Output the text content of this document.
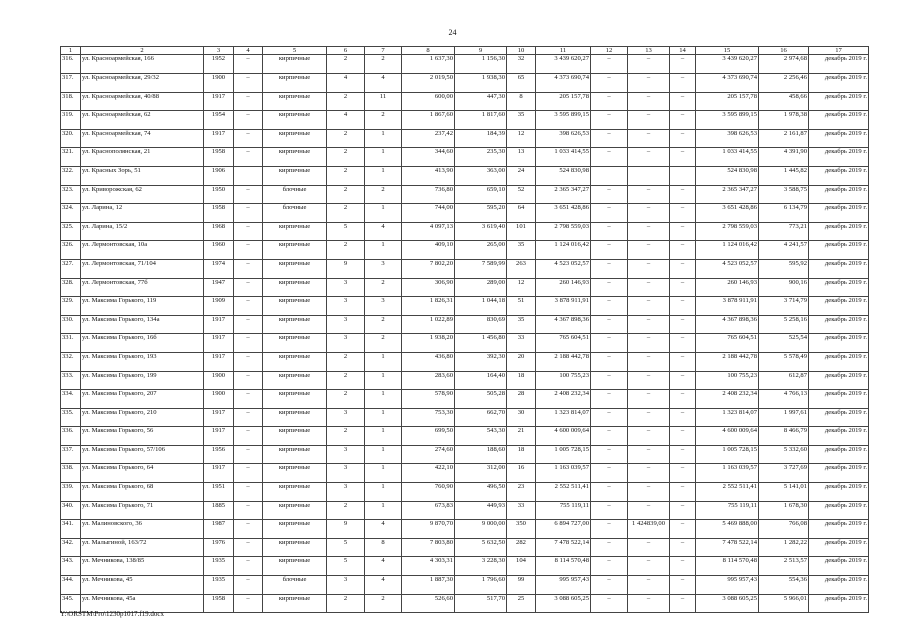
24
1	2	3	4	5	6	7	8	9	10	11	12	13	14	15	16	17
316.	ул. Красноармейская, 166	1952	–	кирпичные	2	2	1 637,30	1 156,30	32	3 439 620,27	–	–	–	3 439 620,27	2 974,68	декабрь 2019 г.
317.	ул. Красноармейская, 29/32	1900	–	кирпичные	4	4	2 019,50	1 938,30	65	4 373 690,74	–	–	–	4 373 690,74	2 256,46	декабрь 2019 г.
318.	ул. Красноармейская, 40/88	1917	–	кирпичные	2	11	600,00	447,30	8	205 157,78	–	–	–	205 157,78	458,66	декабрь 2019 г.
319.	ул. Красноармейская, 62	1954	–	кирпичные	4	2	1 867,60	1 817,60	35	3 595 899,15	–	–	–	3 595 899,15	1 978,38	декабрь 2019 г.
320.	ул. Красноармейская, 74	1917	–	кирпичные	2	1	237,42	184,39	12	398 626,53	–	–	–	398 626,53	2 161,87	декабрь 2019 г.
321.	ул. Краснополянская, 21	1958	–	кирпичные	2	1	344,60	235,30	13	1 033 414,55	–	–	–	1 033 414,55	4 391,90	декабрь 2019 г.
322.	ул. Красных Зорь, 51	1906		кирпичные	2	1	413,90	363,00	24	524 830,98				524 830,98	1 445,82	декабрь 2019 г.
323.	ул. Криворожская, 62	1950	–	блочные	2	2	736,80	659,10	52	2 365 347,27	–	–	–	2 365 347,27	3 588,75	декабрь 2019 г.
324.	ул. Ларина, 12	1958	–	блочные	2	1	744,00	595,20	64	3 651 428,86	–	–	–	3 651 428,86	6 134,79	декабрь 2019 г.
325.	ул. Ларина, 15/2	1968	–	кирпичные	5	4	4 097,13	3 619,40	101	2 798 559,03	–	–	–	2 798 559,03	773,21	декабрь 2019 г.
326.	ул. Лермонтовская, 10а	1960	–	кирпичные	2	1	409,10	265,00	35	1 124 016,42	–	–	–	1 124 016,42	4 241,57	декабрь 2019 г.
327.	ул. Лермонтовская, 71/104	1974	–	кирпичные	9	3	7 802,20	7 589,99	263	4 523 052,57	–	–	–	4 523 052,57	595,92	декабрь 2019 г.
328.	ул. Лермонтовская, 77б	1947	–	кирпичные	3	2	306,90	289,00	12	260 146,93	–	–	–	260 146,93	900,16	декабрь 2019 г.
329.	ул. Максима Горького, 119	1909	–	кирпичные	3	3	1 826,31	1 044,18	51	3 878 911,91	–	–	–	3 878 911,91	3 714,79	декабрь 2019 г.
330.	ул. Максима Горького, 134а	1917	–	кирпичные	3	2	1 022,89	830,69	35	4 367 898,36	–	–	–	4 367 898,36	5 258,16	декабрь 2019 г.
331.	ул. Максима Горького, 16б	1917	–	кирпичные	3	2	1 938,20	1 456,80	33	765 604,51	–	–	–	765 604,51	525,54	декабрь 2019 г.
332.	ул. Максима Горького, 193	1917	–	кирпичные	2	1	436,80	392,30	20	2 188 442,78	–	–	–	2 188 442,78	5 578,49	декабрь 2019 г.
333.	ул. Максима Горького, 199	1900	–	кирпичные	2	1	283,60	164,40	18	100 755,23	–	–	–	100 755,23	612,87	декабрь 2019 г.
334.	ул. Максима Горького, 207	1900	–	кирпичные	2	1	578,90	505,28	28	2 408 232,34	–	–	–	2 408 232,34	4 766,13	декабрь 2019 г.
335.	ул. Максима Горького, 210	1917	–	кирпичные	3	1	753,30	662,70	30	1 323 814,07	–	–	–	1 323 814,07	1 997,61	декабрь 2019 г.
336.	ул. Максима Горького, 56	1917	–	кирпичные	2	1	699,50	543,30	21	4 600 009,64	–	–	–	4 600 009,64	8 466,79	декабрь 2019 г.
337.	ул. Максима Горького, 57/106	1956	–	кирпичные	3	1	274,60	188,60	18	1 005 728,15	–	–	–	1 005 728,15	5 332,60	декабрь 2019 г.
338.	ул. Максима Горького, 64	1917	–	кирпичные	3	1	422,10	312,00	16	1 163 039,57	–	–	–	1 163 039,57	3 727,69	декабрь 2019 г.
339.	ул. Максима Горького, 68	1951	–	кирпичные	3	1	760,90	496,50	23	2 552 511,41	–	–	–	2 552 511,41	5 141,01	декабрь 2019 г.
340.	ул. Максима Горького, 71	1885	–	кирпичные	2	1	673,83	449,93	33	755 119,11	–	–	–	755 119,11	1 678,30	декабрь 2019 г.
341.	ул. Малиновского, 36	1987	–	кирпичные	9	4	9 870,70	9 000,00	350	6 894 727,00	–	1 424839,00	–	5 469 888,00	766,08	декабрь 2019 г.
342.	ул. Малыгиной, 163/72	1976	–	кирпичные	5	8	7 803,80	5 632,50	282	7 478 522,14	–	–	–	7 478 522,14	1 282,22	декабрь 2019 г.
343.	ул. Мечникова, 138/85	1935	–	кирпичные	5	4	4 303,31	3 228,30	104	8 114 570,48	–	–	–	8 114 570,48	2 513,57	декабрь 2019 г.
344.	ул. Мечникова, 45	1935	–	блочные	3	4	1 887,30	1 796,60	99	995 957,43	–	–	–	995 957,43	554,36	декабрь 2019 г.
345.	ул. Мечникова, 45а	1958	–	кирпичные	2	2	526,60	517,70	25	3 088 605,25	–	–	–	3 088 605,25	5 966,01	декабрь 2019 г.
Y:\ORSTM\Pro\1230p1017.f19.docx
